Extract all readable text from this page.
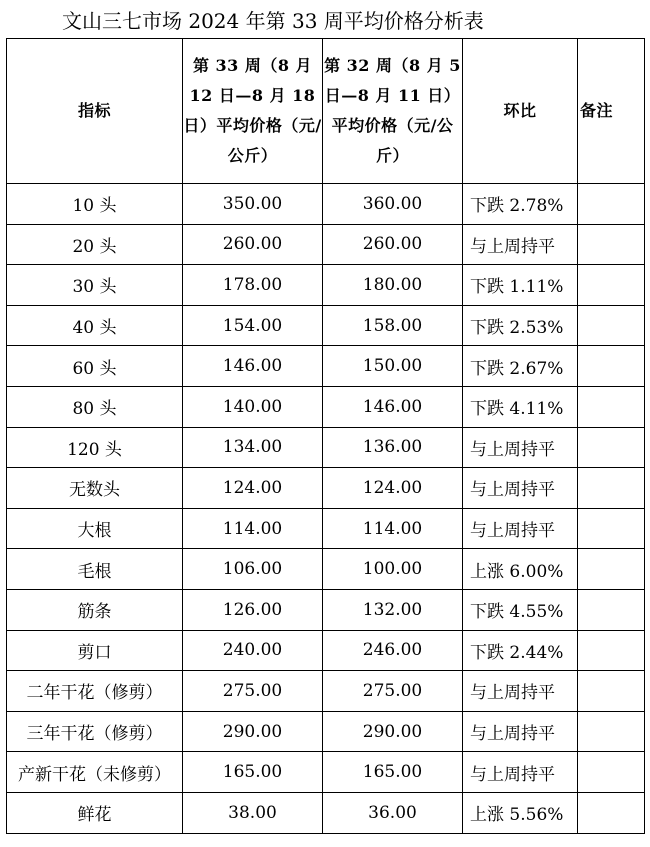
文山三七市场 2024 年第 33 周平均价格分析表
指标	第 33 周（8 月 12 日—8 月 18 日）平均价格（元/公斤）	第 32 周（8 月 5 日—8 月 11 日）平均价格（元/公斤）	环比	备注
10 头	350.00	360.00	下跌 2.78%	
20 头	260.00	260.00	与上周持平	
30 头	178.00	180.00	下跌 1.11%	
40 头	154.00	158.00	下跌 2.53%	
60 头	146.00	150.00	下跌 2.67%	
80 头	140.00	146.00	下跌 4.11%	
120 头	134.00	136.00	与上周持平	
无数头	124.00	124.00	与上周持平	
大根	114.00	114.00	与上周持平	
毛根	106.00	100.00	上涨 6.00%	
筋条	126.00	132.00	下跌 4.55%	
剪口	240.00	246.00	下跌 2.44%	
二年干花（修剪）	275.00	275.00	与上周持平	
三年干花（修剪）	290.00	290.00	与上周持平	
产新干花（未修剪）	165.00	165.00	与上周持平	
鲜花	38.00	36.00	上涨 5.56%	
